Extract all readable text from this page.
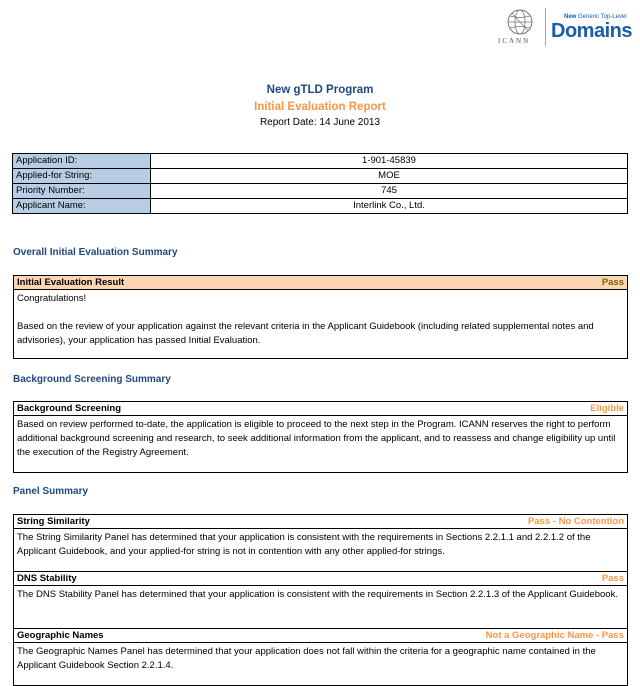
ICANN
New Generic Top-Level
Domains
New gTLD Program
Initial Evaluation Report
Report Date: 14 June 2013
Application ID:	1-901-45839
Applied-for String:	MOE
Priority Number:	745
Applicant Name:	Interlink Co., Ltd.
Overall Initial Evaluation Summary
Initial Evaluation Result	Pass

Congratulations!

Based on the review of your application against the relevant criteria in the Applicant Guidebook (including related supplemental notes and advisories), your application has passed Initial Evaluation.

Background Screening Summary
Background Screening	Eligible

Based on review performed to-date, the application is eligible to proceed to the next step in the Program. ICANN reserves the right to perform additional background screening and research, to seek additional information from the applicant, and to reassess and change eligibility up until the execution of the Registry Agreement.

Panel Summary
String Similarity	Pass - No Contention

The String Similarity Panel has determined that your application is consistent with the requirements in Sections 2.2.1.1 and 2.2.1.2 of the Applicant Guidebook, and your applied-for string is not in contention with any other applied-for strings.

DNS Stability	Pass

The DNS Stability Panel has determined that your application is consistent with the requirements in Section 2.2.1.3 of the Applicant Guidebook.

Geographic Names	Not a Geographic Name - Pass

The Geographic Names Panel has determined that your application does not fall within the criteria for a geographic name contained in the Applicant Guidebook Section 2.2.1.4.
